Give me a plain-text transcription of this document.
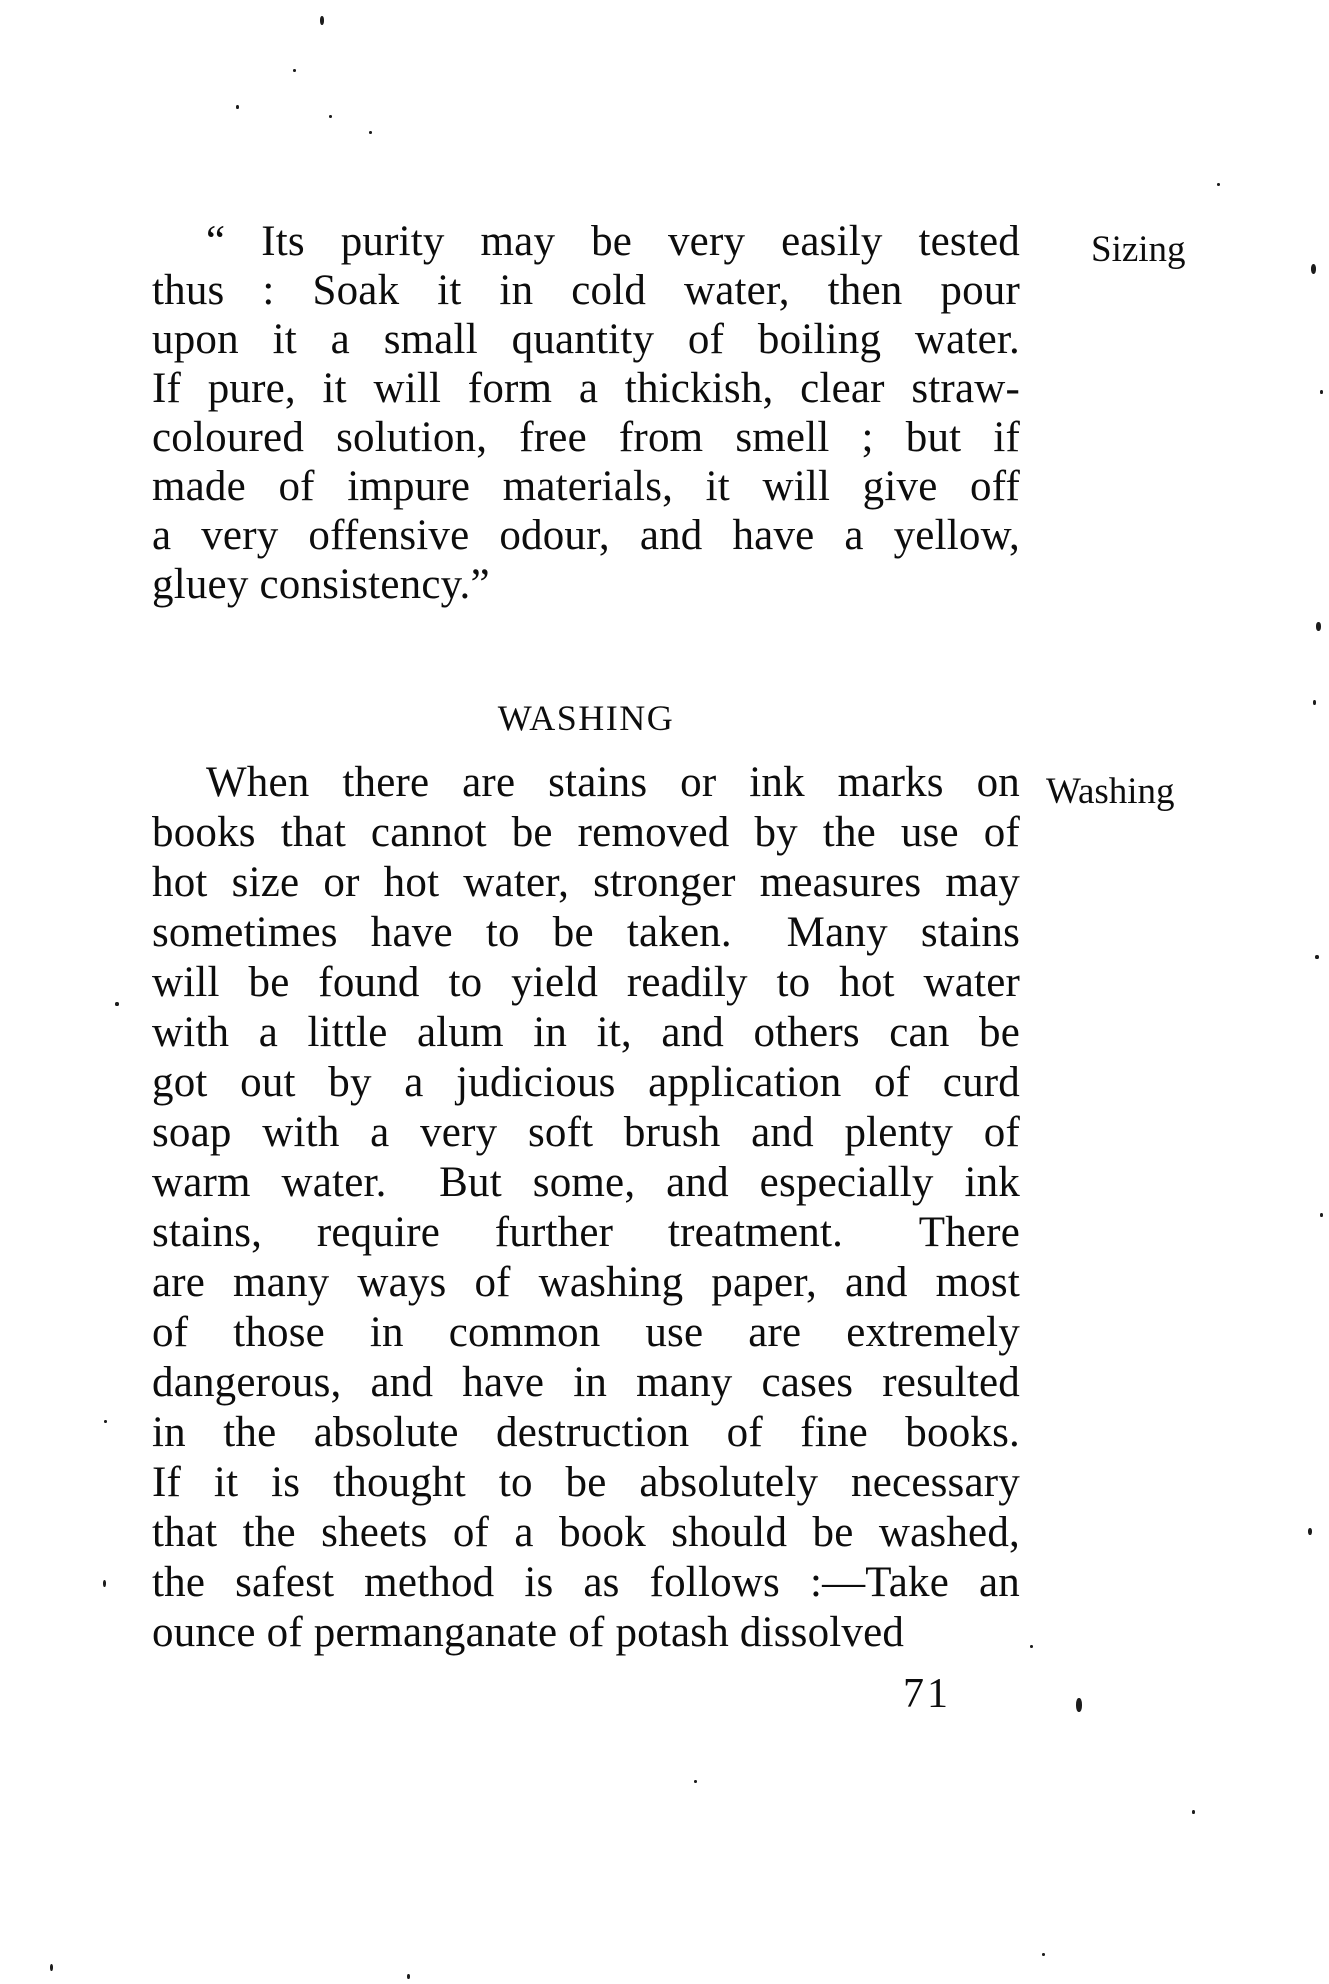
“ Its purity may be very easily tested
thus : Soak it in cold water, then pour
upon it a small quantity of boiling water.
If pure, it will form a thickish, clear straw-
coloured solution, free from smell ; but if
made of impure materials, it will give off
a very offensive odour, and have a yellow,
gluey consistency.”
WASHING
When there are stains or ink marks on
books that cannot be removed by the use of
hot size or hot water, stronger measures may
sometimes have to be taken.  Many stains
will be found to yield readily to hot water
with a little alum in it, and others can be
got out by a judicious application of curd
soap with a very soft brush and plenty of
warm water.  But some, and especially ink
stains, require further treatment.  There
are many ways of washing paper, and most
of those in common use are extremely
dangerous, and have in many cases resulted
in the absolute destruction of fine books.
If it is thought to be absolutely necessary
that the sheets of a book should be washed,
the safest method is as follows :—Take an
ounce of permanganate of potash dissolved
Sizing
Washing
71
